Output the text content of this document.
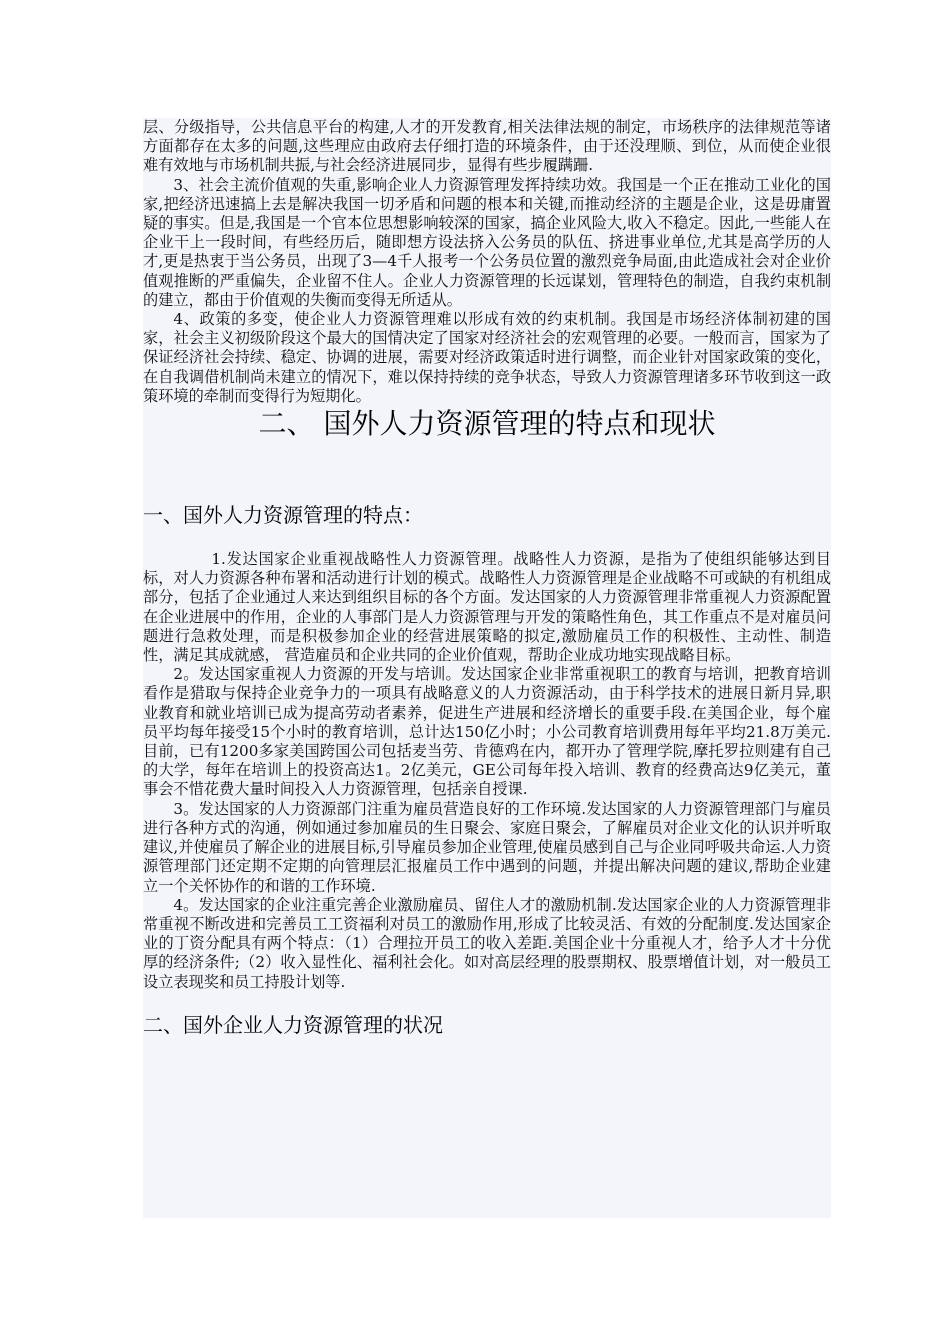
层、分级指导，公共信息平台的构建,人才的开发教育,相关法律法规的制定，市场秩序的法律规范等诸方面都存在太多的问题,这些理应由政府去仔细打造的环境条件，由于还没理顺、到位，从而使企业很难有效地与市场机制共振,与社会经济进展同步，显得有些步履蹒跚.

3、社会主流价值观的失重,影响企业人力资源管理发挥持续功效。我国是一个正在推动工业化的国家,把经济迅速搞上去是解决我国一切矛盾和问题的根本和关键,而推动经济的主题是企业，这是毋庸置疑的事实。但是,我国是一个官本位思想影响较深的国家，搞企业风险大,收入不稳定。因此,一些能人在企业干上一段时间，有些经历后，随即想方设法挤入公务员的队伍、挤进事业单位,尤其是高学历的人才,更是热衷于当公务员，出现了3—4千人报考一个公务员位置的激烈竞争局面,由此造成社会对企业价值观推断的严重偏失，企业留不住人。企业人力资源管理的长远谋划，管理特色的制造，自我约束机制的建立，都由于价值观的失衡而变得无所适从。

4、政策的多变，使企业人力资源管理难以形成有效的约束机制。我国是市场经济体制初建的国家，社会主义初级阶段这个最大的国情决定了国家对经济社会的宏观管理的必要。一般而言，国家为了保证经济社会持续、稳定、协调的进展，需要对经济政策适时进行调整，而企业针对国家政策的变化，在自我调借机制尚未建立的情况下，难以保持持续的竞争状态，导致人力资源管理诸多环节收到这一政策环境的牵制而变得行为短期化。

二、 国外人力资源管理的特点和现状
一、国外人力资源管理的特点：

1.发达国家企业重视战略性人力资源管理。战略性人力资源，是指为了使组织能够达到目标，对人力资源各种布署和活动进行计划的模式。战略性人力资源管理是企业战略不可或缺的有机组成部分，包括了企业通过人来达到组织目标的各个方面。发达国家的人力资源管理非常重视人力资源配置在企业进展中的作用，企业的人事部门是人力资源管理与开发的策略性角色，其工作重点不是对雇员问题进行急救处理，而是积极参加企业的经营进展策略的拟定,激励雇员工作的积极性、主动性、制造性，满足其成就感， 营造雇员和企业共同的企业价值观，帮助企业成功地实现战略目标。

2。发达国家重视人力资源的开发与培训。发达国家企业非常重视职工的教育与培训，把教育培训看作是猎取与保持企业竞争力的一项具有战略意义的人力资源活动，由于科学技术的进展日新月异,职业教育和就业培训已成为提高劳动者素养，促进生产进展和经济增长的重要手段.在美国企业，每个雇员平均每年接受15个小时的教育培训，总计达150亿小时；小公司教育培训费用每年平均21.8万美元.目前，已有1200多家美国跨国公司包括麦当劳、肯德鸡在内，都开办了管理学院,摩托罗拉则建有自己的大学，每年在培训上的投资高达1。2亿美元，GE公司每年投入培训、教育的经费高达9亿美元，董事会不惜花费大量时间投入人力资源管理，包括亲自授课.

3。发达国家的人力资源部门注重为雇员营造良好的工作环境.发达国家的人力资源管理部门与雇员进行各种方式的沟通，例如通过参加雇员的生日聚会、家庭日聚会，了解雇员对企业文化的认识并听取建议,并使雇员了解企业的进展目标,引导雇员参加企业管理,使雇员感到自己与企业同呼吸共命运.人力资源管理部门还定期不定期的向管理层汇报雇员工作中遇到的问题，并提出解决问题的建议,帮助企业建立一个关怀协作的和谐的工作环境.

4。发达国家的企业注重完善企业激励雇员、留住人才的激励机制.发达国家企业的人力资源管理非常重视不断改进和完善员工工资福利对员工的激励作用,形成了比较灵活、有效的分配制度.发达国家企业的丁资分配具有两个特点：（1）合理拉开员工的收入差距.美国企业十分重视人才，给予人才十分优厚的经济条件;（2）收入显性化、福利社会化。如对高层经理的股票期权、股票增值计划，对一般员工设立表现奖和员工持股计划等.

二、国外企业人力资源管理的状况
